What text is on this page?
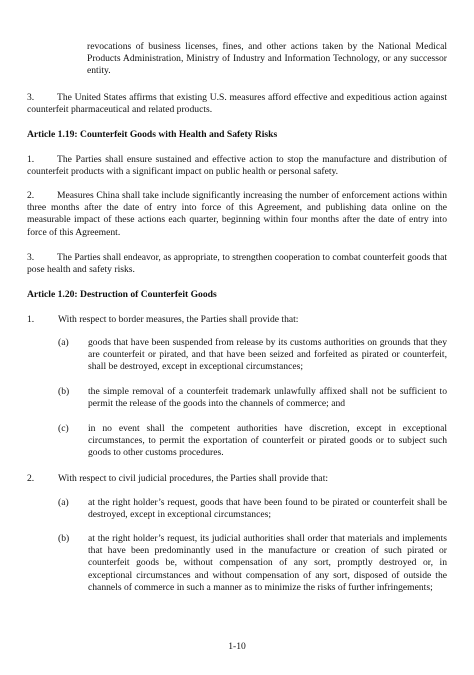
revocations of business licenses, fines, and other actions taken by the National Medical Products Administration, Ministry of Industry and Information Technology, or any successor entity.
3. The United States affirms that existing U.S. measures afford effective and expeditious action against counterfeit pharmaceutical and related products.
Article 1.19: Counterfeit Goods with Health and Safety Risks
1. The Parties shall ensure sustained and effective action to stop the manufacture and distribution of counterfeit products with a significant impact on public health or personal safety.
2. Measures China shall take include significantly increasing the number of enforcement actions within three months after the date of entry into force of this Agreement, and publishing data online on the measurable impact of these actions each quarter, beginning within four months after the date of entry into force of this Agreement.
3. The Parties shall endeavor, as appropriate, to strengthen cooperation to combat counterfeit goods that pose health and safety risks.
Article 1.20: Destruction of Counterfeit Goods
1. With respect to border measures, the Parties shall provide that:
(a) goods that have been suspended from release by its customs authorities on grounds that they are counterfeit or pirated, and that have been seized and forfeited as pirated or counterfeit, shall be destroyed, except in exceptional circumstances;
(b) the simple removal of a counterfeit trademark unlawfully affixed shall not be sufficient to permit the release of the goods into the channels of commerce; and
(c) in no event shall the competent authorities have discretion, except in exceptional circumstances, to permit the exportation of counterfeit or pirated goods or to subject such goods to other customs procedures.
2. With respect to civil judicial procedures, the Parties shall provide that:
(a) at the right holder’s request, goods that have been found to be pirated or counterfeit shall be destroyed, except in exceptional circumstances;
(b) at the right holder’s request, its judicial authorities shall order that materials and implements that have been predominantly used in the manufacture or creation of such pirated or counterfeit goods be, without compensation of any sort, promptly destroyed or, in exceptional circumstances and without compensation of any sort, disposed of outside the channels of commerce in such a manner as to minimize the risks of further infringements;
1-10
